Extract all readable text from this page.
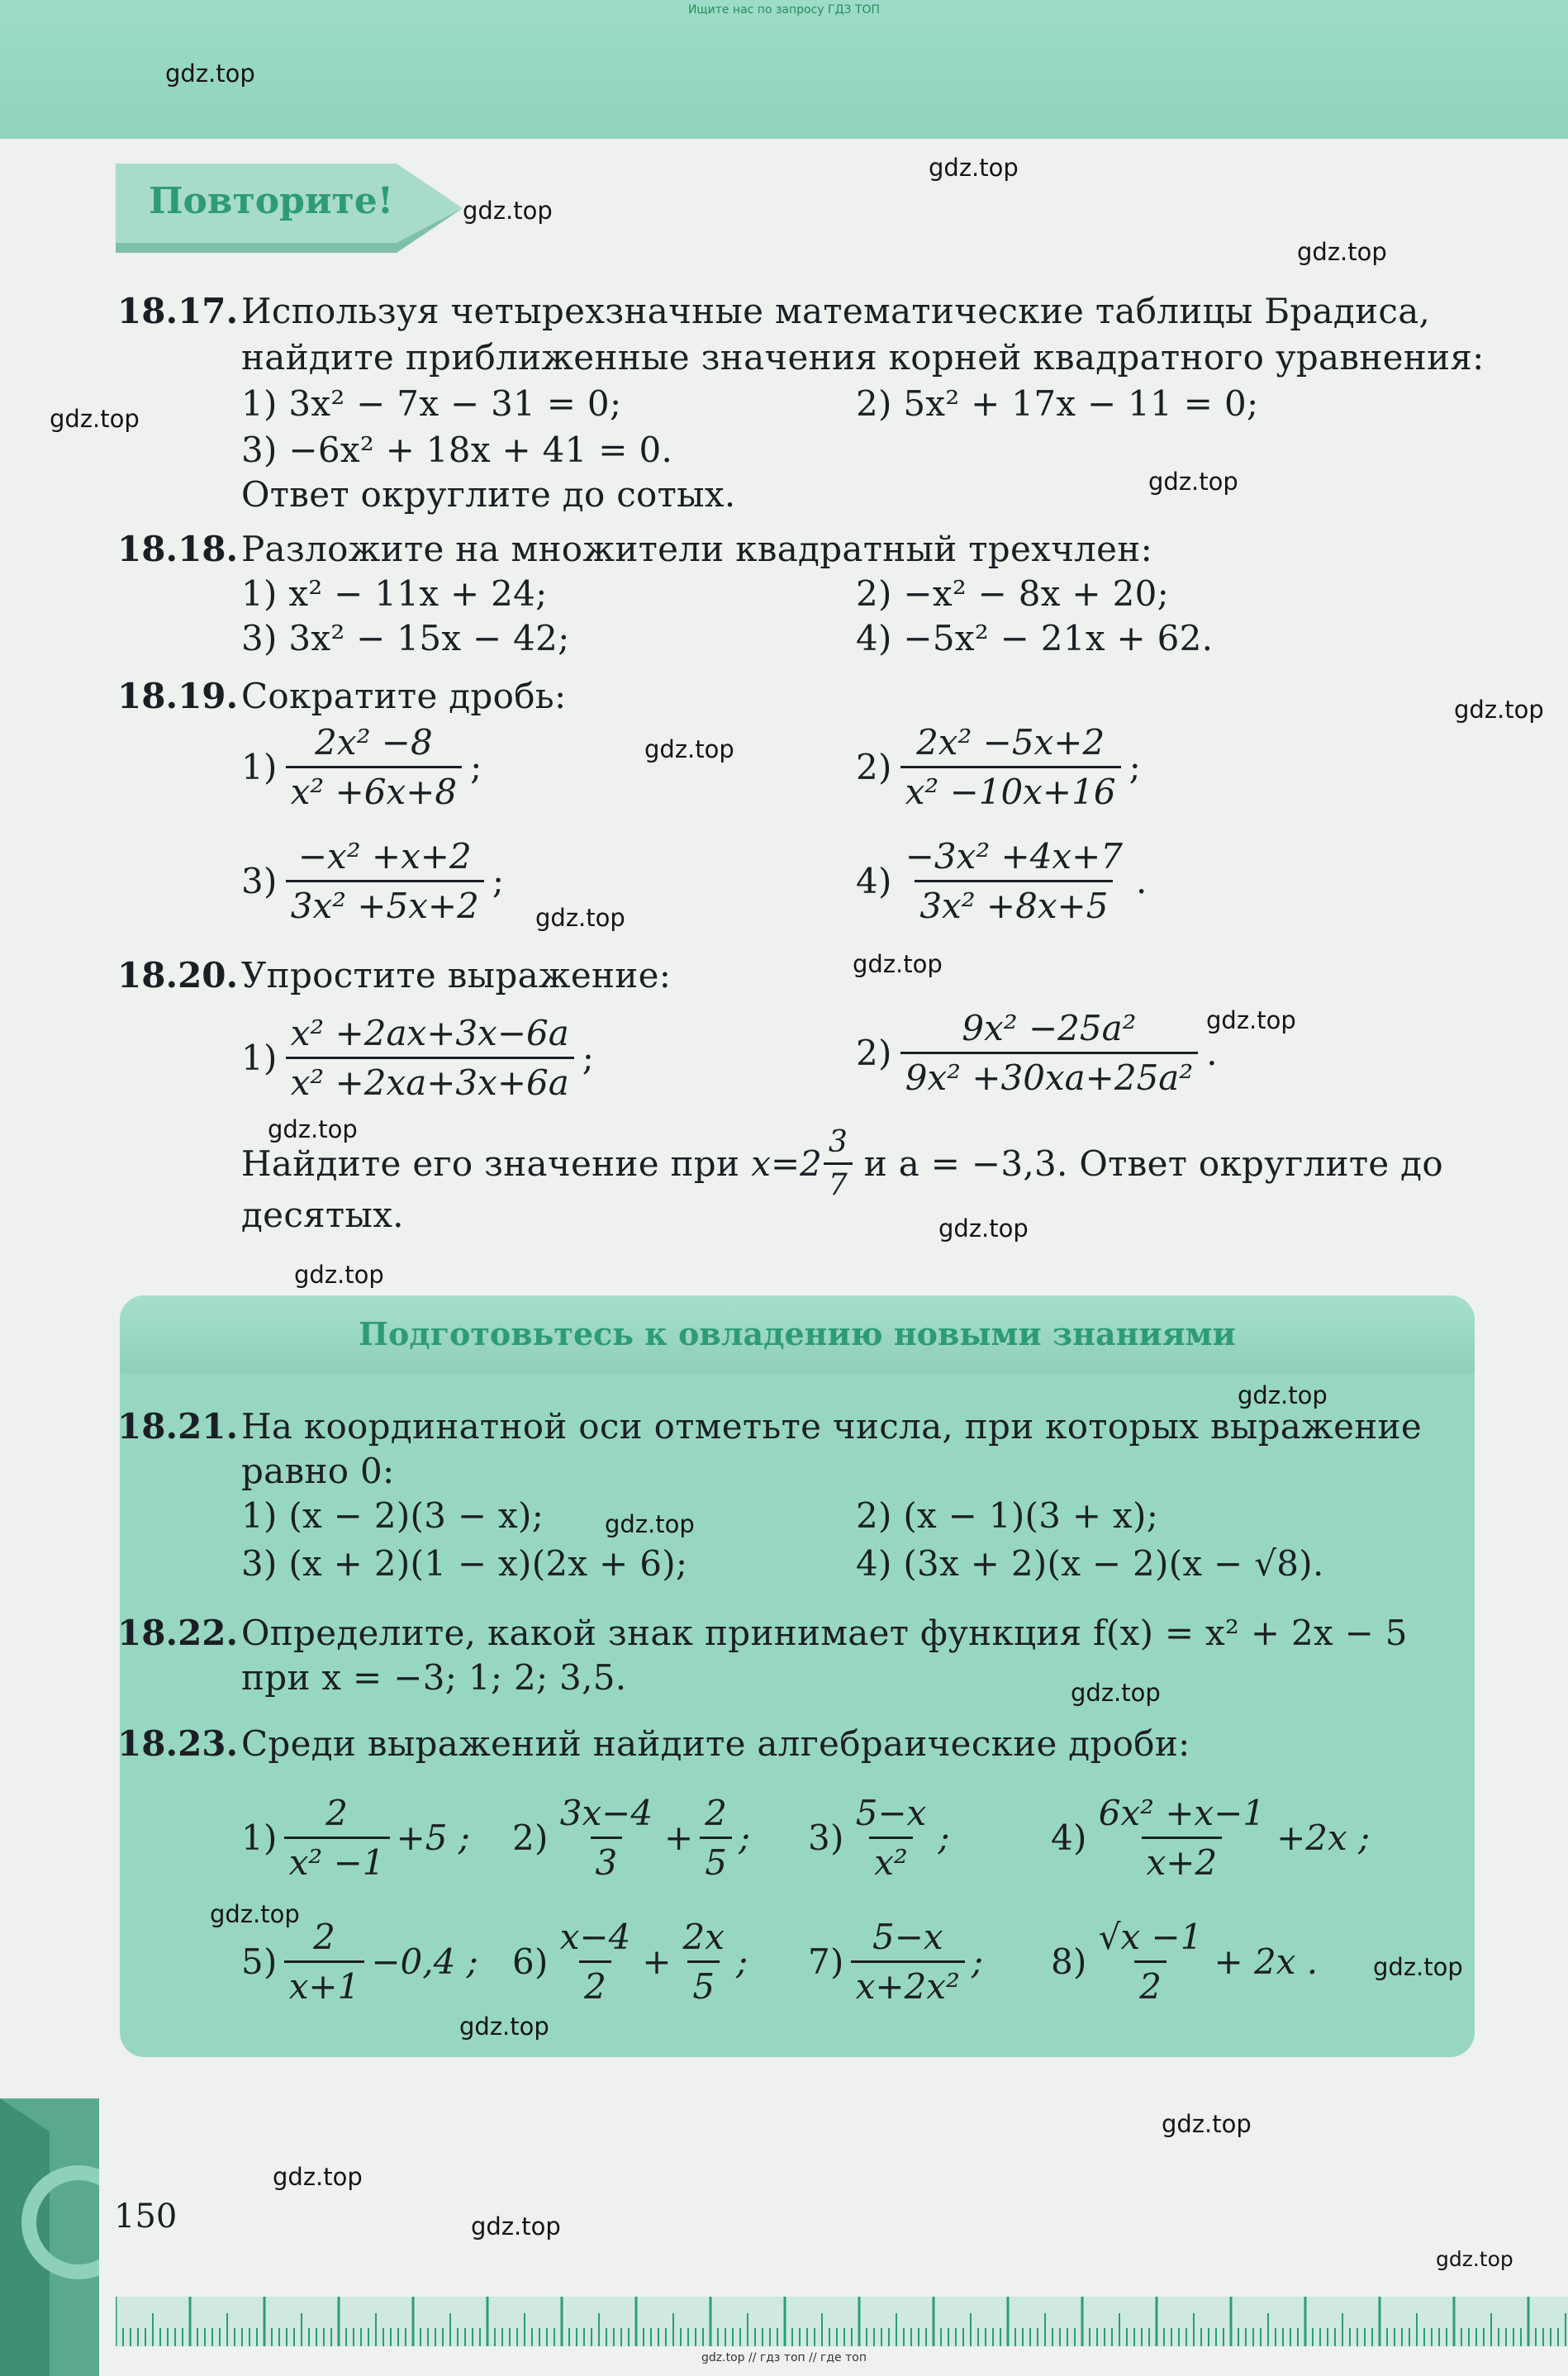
Ищите нас по запросу ГДЗ ТОП
gdz.top
gdz.top
gdz.top
gdz.top
gdz.top
gdz.top
gdz.top
gdz.top
gdz.top
gdz.top
gdz.top
gdz.top
gdz.top
gdz.top
Повторите!
18.17. Используя четырехзначные математические таблицы Брадиса,
найдите приближенные значения корней квадратного уравнения:
1) 3x² − 7x − 31 = 0;	2) 5x² + 17x − 11 = 0;
3) −6x² + 18x + 41 = 0.
Ответ округлите до сотых.
18.18. Разложите на множители квадратный трехчлен:
1) x² − 11x + 24;	2) −x² − 8x + 20;
3) 3x² − 15x − 42;	4) −5x² − 21x + 62.
18.19. Сократите дробь:
$1) \frac{\text{2x² −8}}{\text{x² +6x+8}}$ ;	$2) \frac{\text{2x² −5x+2}}{\text{x² −10x+16}}$ ;
$3) \frac{\text{−x² +x+2}}{\text{3x² +5x+2}}$ ;	$4) \frac{\text{−3x² +4x+7}}{\text{3x² +8x+5}}$ .
18.20. Упростите выражение:
$1) \frac{\text{x² +2ax+3x−6a}}{\text{x² +2xa+3x+6a}}$ ;	$2) \frac{\text{9x² −25a²}}{\text{9x² +30xa+25a²}}$ .
Найдите его значение при $x=2 \frac{3}{7}$ и a = −3,3. Ответ округлите до
десятых.
Подготовьтесь к овладению новыми знаниями
gdz.top
gdz.top
gdz.top
gdz.top
gdz.top
gdz.top
gdz.top
gdz.top
gdz.top
gdz.top
18.21. На координатной оси отметьте числа, при которых выражение
равно 0:
1) (x − 2)(3 − x);	2) (x − 1)(3 + x);
3) (x + 2)(1 − x)(2x + 6);	4) (3x + 2)(x − 2)(x − √8).
18.22. Определите, какой знак принимает функция f(x) = x² + 2x − 5
при x = −3; 1; 2; 3,5.
18.23. Среди выражений найдите алгебраические дроби:
$1) \frac{2}{\text{x² −1}} +5$ ; $2) \frac{3x-4}{3} + \frac{2}{5}$ ; $3) \frac{5-x}{\text{x²}}$ ;	$4) \frac{\text{6x² +x−1}}{x+2} +2x$ ;
$5) \frac{2}{x+1} -0,4$ ; $6) \frac{x-4}{2} + \frac{2x}{5}$ ; $7) \frac{5-x}{\text{x+2x²}}$ ; $8) \frac{√x -1}{2} + 2x$ .
150
gdz.top // гдз топ // где топ
